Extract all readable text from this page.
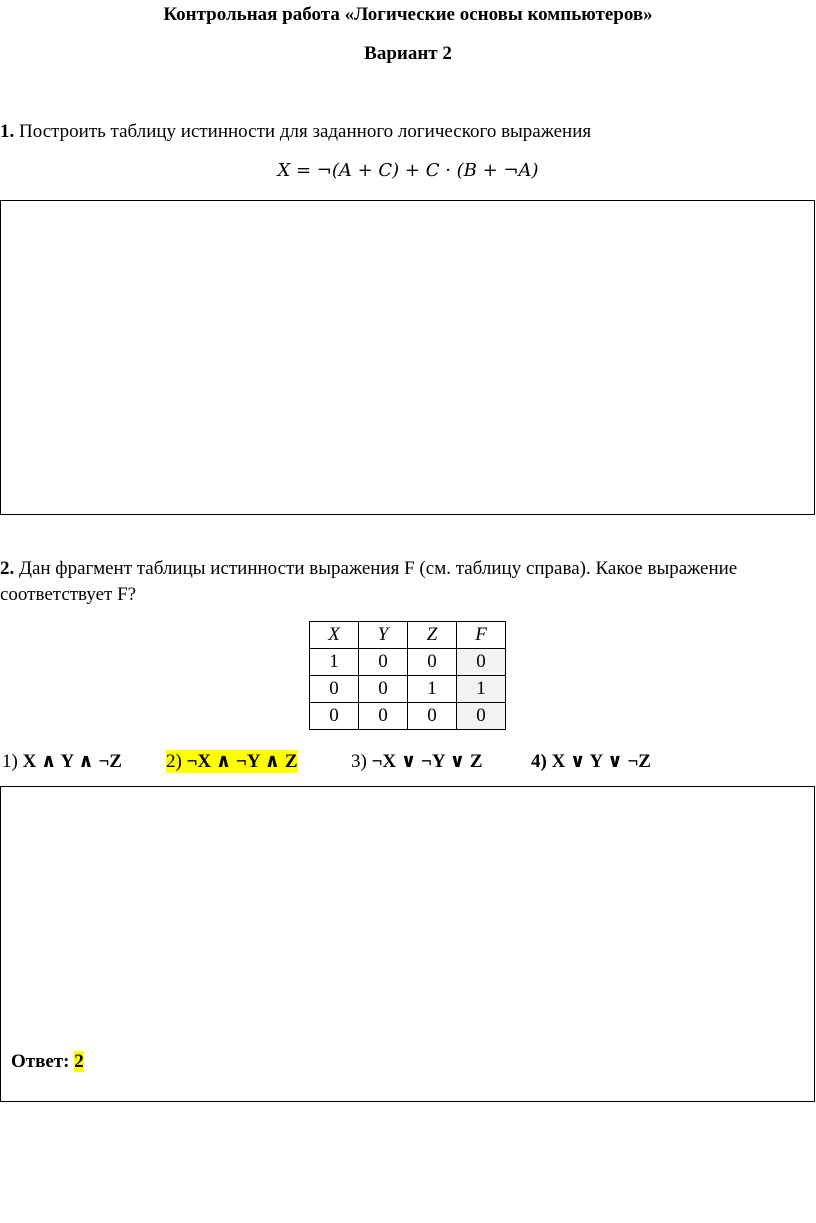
Контрольная работа «Логические основы компьютеров»
Вариант 2
1. Построить таблицу истинности для заданного логического выражения
X = ¬(A + C) + C · (B + ¬A)
2. Дан фрагмент таблицы истинности выражения F (см. таблицу справа). Какое выражение соответствует F?
X	Y	Z	F
1	0	0	0
0	0	1	1
0	0	0	0
1) X ∧ Y ∧ ¬Z 2) ¬X ∧ ¬Y ∧ Z	3) ¬X ∨ ¬Y ∨ Z	4) X ∨ Y ∨ ¬Z
Ответ: 2
